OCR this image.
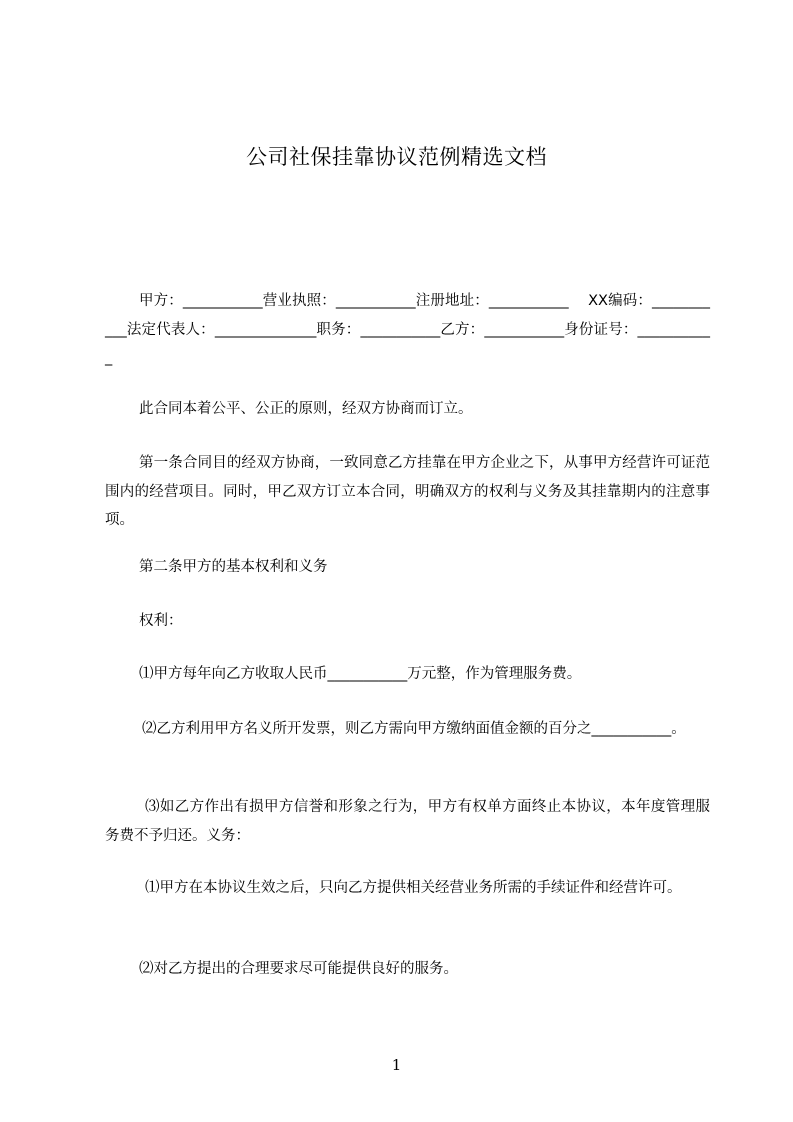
公司社保挂靠协议范例精选文档
甲方：___________营业执照：___________注册地址：___________　 XX编码：___________法定代表人：______________职务：___________乙方：___________身份证号：___________
此合同本着公平、公正的原则，经双方协商而订立。
第一条合同目的经双方协商，一致同意乙方挂靠在甲方企业之下，从事甲方经营许可证范围内的经营项目。同时，甲乙双方订立本合同，明确双方的权利与义务及其挂靠期内的注意事项。
第二条甲方的基本权利和义务
权利：
⑴甲方每年向乙方收取人民币___________万元整，作为管理服务费。
⑵乙方利用甲方名义所开发票，则乙方需向甲方缴纳面值金额的百分之___________。
⑶如乙方作出有损甲方信誉和形象之行为，甲方有权单方面终止本协议，本年度管理服务费不予归还。义务：
⑴甲方在本协议生效之后，只向乙方提供相关经营业务所需的手续证件和经营许可。
⑵对乙方提出的合理要求尽可能提供良好的服务。
1
